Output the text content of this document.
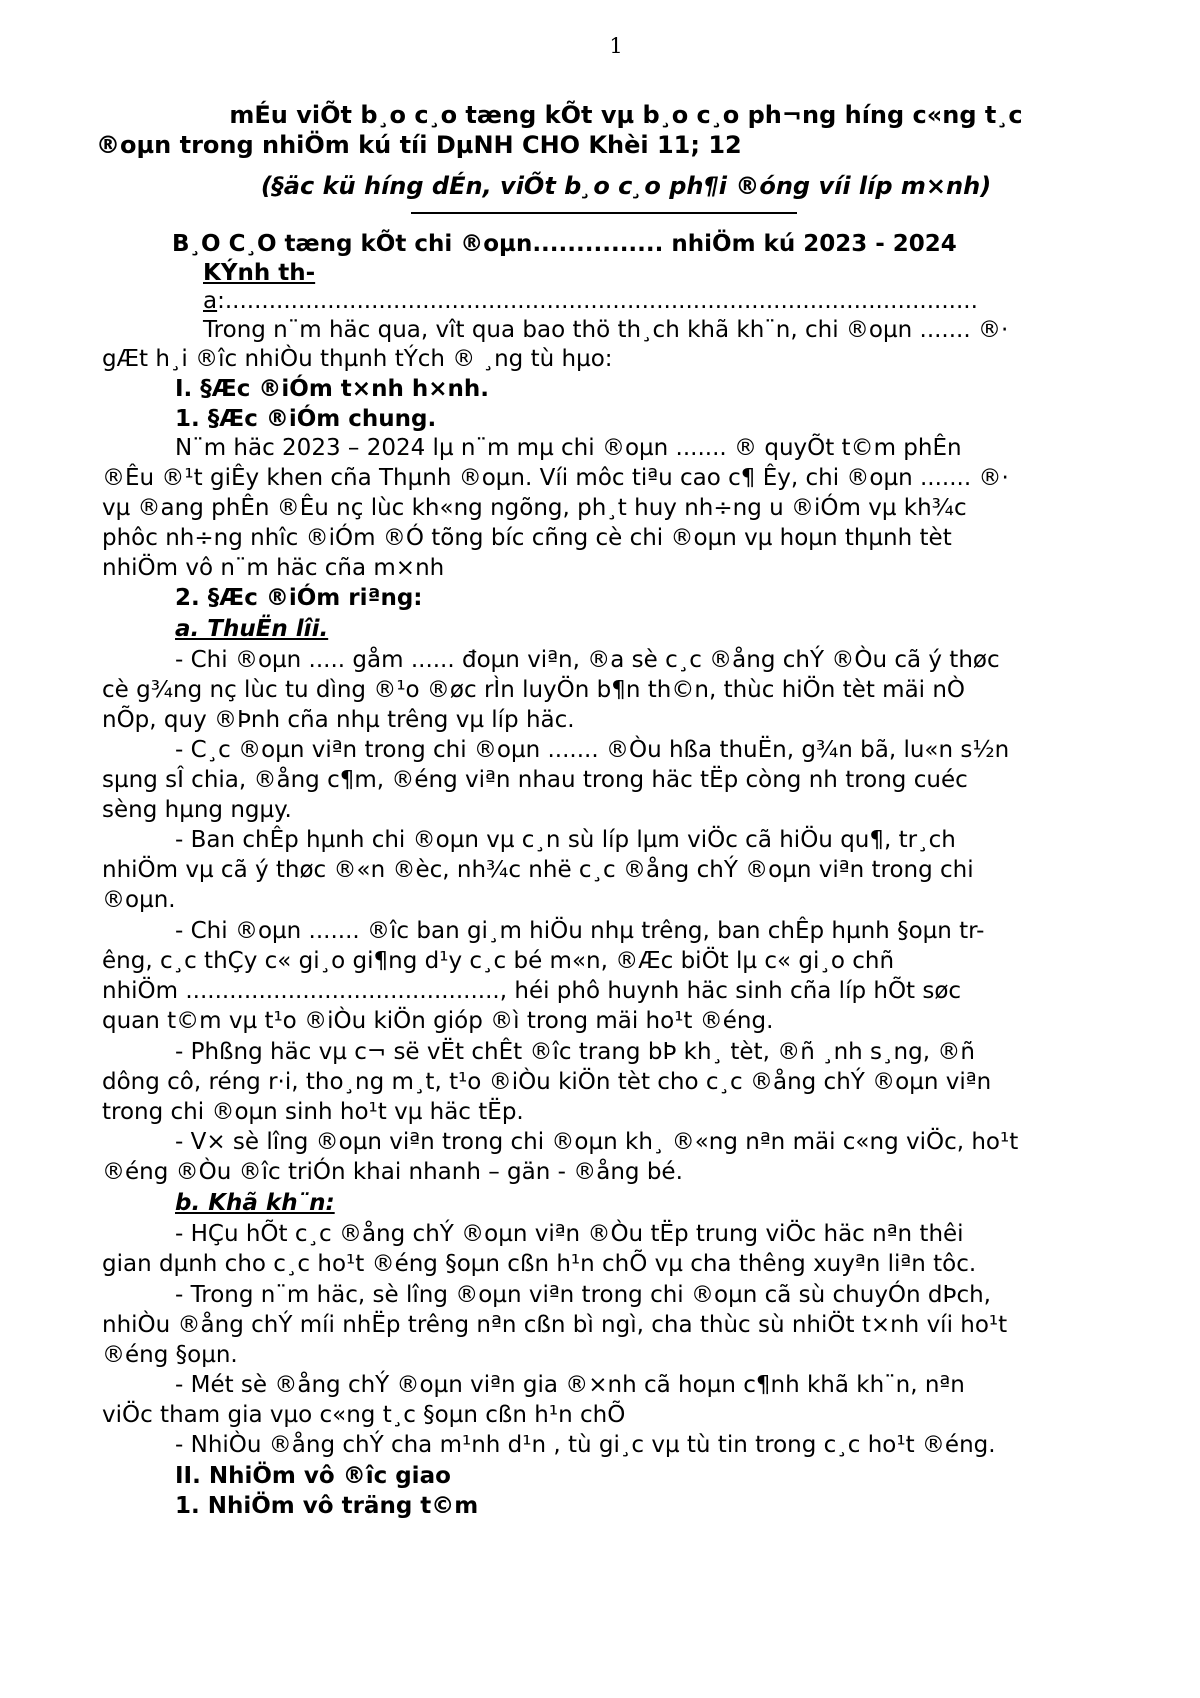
1
mÉu viÕt b¸o c¸o tæng kÕt vµ b¸o c¸o ph¬ng híng c«ng t¸c
®oµn trong nhiÖm kú tíi DµNH CHO Khèi 11; 12
(§äc kü híng dÉn, viÕt b¸o c¸o ph¶i ®óng víi líp m×nh)
B¸O C¸O tæng kÕt chi ®oµn............... nhiÖm kú 2023 - 2024
KÝnh th-
a:.......................................................................................................
Trong n¨m häc qua, vît qua bao thö th¸ch khã kh¨n, chi ®oµn ....... ®·
gÆt h¸i ®îc nhiÒu thµnh tÝch ® ¸ng tù hµo:
I. §Æc ®iÓm t×nh h×nh.
1. §Æc ®iÓm chung.
N¨m häc 2023 – 2024 lµ n¨m mµ chi ®oµn ....... ® quyÕt t©m phÊn
®Êu ®¹t giÊy khen cña Thµnh ®oµn. Víi môc tiªu cao c¶ Êy, chi ®oµn ....... ®·
vµ ®ang phÊn ®Êu nç lùc kh«ng ngõng, ph¸t huy nh÷ng u ®iÓm vµ kh¾c
phôc nh÷ng nhîc ®iÓm ®Ó tõng bíc cñng cè chi ®oµn vµ hoµn thµnh tèt
nhiÖm vô n¨m häc cña m×nh
2. §Æc ®iÓm riªng:
a. ThuËn lîi.
- Chi ®oµn ..... gåm ...... đoµn viªn, ®a sè c¸c ®ång chÝ ®Òu cã ý thøc
cè g¾ng nç lùc tu dìng ®¹o ®øc rÌn luyÖn b¶n th©n, thùc hiÖn tèt mäi nÒ
nÕp, quy ®Þnh cña nhµ trêng vµ líp häc.
- C¸c ®oµn viªn trong chi ®oµn ....... ®Òu hßa thuËn, g¾n bã, lu«n s½n
sµng sÎ chia, ®ång c¶m, ®éng viªn nhau trong häc tËp còng nh trong cuéc
sèng hµng ngµy.
- Ban chÊp hµnh chi ®oµn vµ c¸n sù líp lµm viÖc cã hiÖu qu¶, tr¸ch
nhiÖm vµ cã ý thøc ®«n ®èc, nh¾c nhë c¸c ®ång chÝ ®oµn viªn trong chi
®oµn.
- Chi ®oµn ....... ®îc ban gi¸m hiÖu nhµ trêng, ban chÊp hµnh §oµn tr-
êng, c¸c thÇy c« gi¸o gi¶ng d¹y c¸c bé m«n, ®Æc biÖt lµ c« gi¸o chñ
nhiÖm ..........................................., héi phô huynh häc sinh cña líp hÕt søc
quan t©m vµ t¹o ®iÒu kiÖn gióp ®ì trong mäi ho¹t ®éng.
- Phßng häc vµ c¬ së vËt chÊt ®îc trang bÞ kh¸ tèt, ®ñ ¸nh s¸ng, ®ñ
dông cô, réng r·i, tho¸ng m¸t, t¹o ®iÒu kiÖn tèt cho c¸c ®ång chÝ ®oµn viªn
trong chi ®oµn sinh ho¹t vµ häc tËp.
- V× sè lîng ®oµn viªn trong chi ®oµn kh¸ ®«ng nªn mäi c«ng viÖc, ho¹t
®éng ®Òu ®îc triÓn khai nhanh – gän - ®ång bé.
b. Khã kh¨n:
- HÇu hÕt c¸c ®ång chÝ ®oµn viªn ®Òu tËp trung viÖc häc nªn thêi
gian dµnh cho c¸c ho¹t ®éng §oµn cßn h¹n chÕ vµ cha thêng xuyªn liªn tôc.
- Trong n¨m häc, sè lîng ®oµn viªn trong chi ®oµn cã sù chuyÓn dÞch,
nhiÒu ®ång chÝ míi nhËp trêng nªn cßn bì ngì, cha thùc sù nhiÖt t×nh víi ho¹t
®éng §oµn.
- Mét sè ®ång chÝ ®oµn viªn gia ®×nh cã hoµn c¶nh khã kh¨n, nªn
viÖc tham gia vµo c«ng t¸c §oµn cßn h¹n chÕ
- NhiÒu ®ång chÝ cha m¹nh d¹n , tù gi¸c vµ tù tin trong c¸c ho¹t ®éng.
II. NhiÖm vô ®îc giao
1. NhiÖm vô träng t©m
